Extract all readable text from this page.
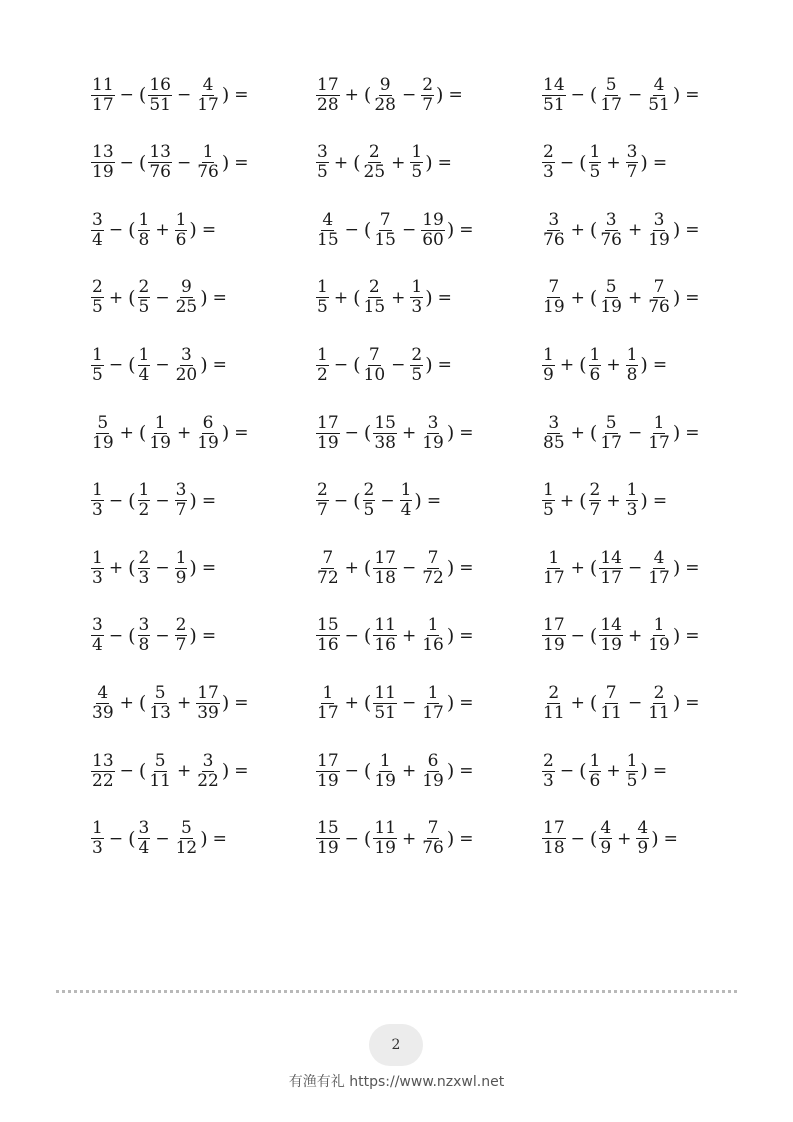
$\frac{11}{17}$ − ( $\frac{16}{51} - \frac{4}{17}$ ) =	$\frac{17}{28}$ + ( $\frac{9}{28} - \frac{2}{7}$ ) =	$\frac{14}{51}$ − ( $\frac{5}{17} - \frac{4}{51}$ ) =
$\frac{13}{19}$ − ( $\frac{13}{76} - \frac{1}{76}$ ) =	$\frac{3}{5}$ + ( $\frac{2}{25} + \frac{1}{5}$ ) =	$\frac{2}{3}$ − ( $\frac{1}{5} + \frac{3}{7}$ ) =
$\frac{3}{4}$ − ( $\frac{1}{8} + \frac{1}{6}$ ) =	$\frac{4}{15}$ − ( $\frac{7}{15} - \frac{19}{60}$ ) =	$\frac{3}{76}$ + ( $\frac{3}{76} + \frac{3}{19}$ ) =
$\frac{2}{5}$ + ( $\frac{2}{5} - \frac{9}{25}$ ) =	$\frac{1}{5}$ + ( $\frac{2}{15} + \frac{1}{3}$ ) =	$\frac{7}{19}$ + ( $\frac{5}{19} + \frac{7}{76}$ ) =
$\frac{1}{5}$ − ( $\frac{1}{4} - \frac{3}{20}$ ) =	$\frac{1}{2}$ − ( $\frac{7}{10} - \frac{2}{5}$ ) =	$\frac{1}{9}$ + ( $\frac{1}{6} + \frac{1}{8}$ ) =
$\frac{5}{19}$ + ( $\frac{1}{19} + \frac{6}{19}$ ) =	$\frac{17}{19}$ − ( $\frac{15}{38} + \frac{3}{19}$ ) =	$\frac{3}{85}$ + ( $\frac{5}{17} - \frac{1}{17}$ ) =
$\frac{1}{3}$ − ( $\frac{1}{2} - \frac{3}{7}$ ) =	$\frac{2}{7}$ − ( $\frac{2}{5} - \frac{1}{4}$ ) =	$\frac{1}{5}$ + ( $\frac{2}{7} + \frac{1}{3}$ ) =
$\frac{1}{3}$ + ( $\frac{2}{3} - \frac{1}{9}$ ) =	$\frac{7}{72}$ + ( $\frac{17}{18} - \frac{7}{72}$ ) =	$\frac{1}{17}$ + ( $\frac{14}{17} - \frac{4}{17}$ ) =
$\frac{3}{4}$ − ( $\frac{3}{8} - \frac{2}{7}$ ) =	$\frac{15}{16}$ − ( $\frac{11}{16} + \frac{1}{16}$ ) =	$\frac{17}{19}$ − ( $\frac{14}{19} + \frac{1}{19}$ ) =
$\frac{4}{39}$ + ( $\frac{5}{13} + \frac{17}{39}$ ) =	$\frac{1}{17}$ + ( $\frac{11}{51} - \frac{1}{17}$ ) =	$\frac{2}{11}$ + ( $\frac{7}{11} - \frac{2}{11}$ ) =
$\frac{13}{22}$ − ( $\frac{5}{11} + \frac{3}{22}$ ) =	$\frac{17}{19}$ − ( $\frac{1}{19} + \frac{6}{19}$ ) =	$\frac{2}{3}$ − ( $\frac{1}{6} + \frac{1}{5}$ ) =
$\frac{1}{3}$ − ( $\frac{3}{4} - \frac{5}{12}$ ) =	$\frac{15}{19}$ − ( $\frac{11}{19} + \frac{7}{76}$ ) =	$\frac{17}{18}$ − ( $\frac{4}{9} + \frac{4}{9}$ ) =
2
有渔有礼 https://www.nzxwl.net
